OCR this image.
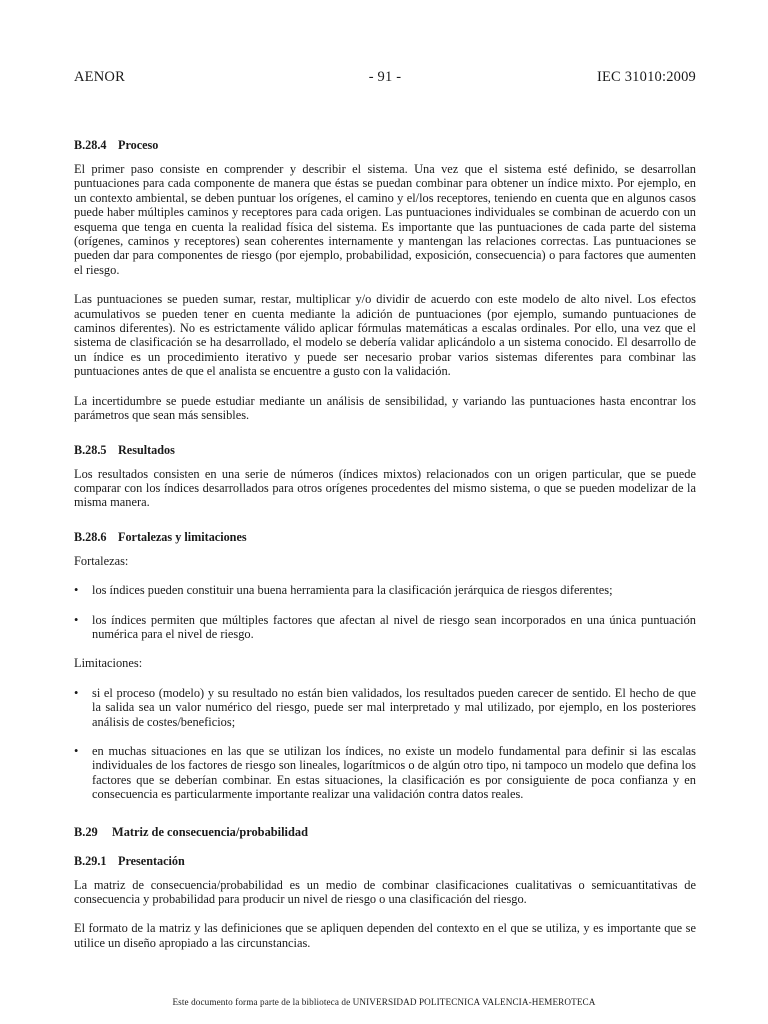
AENOR	- 91 -	IEC 31010:2009
B.28.4 Proceso

El primer paso consiste en comprender y describir el sistema. Una vez que el sistema esté definido, se desarrollan puntuaciones para cada componente de manera que éstas se puedan combinar para obtener un índice mixto. Por ejemplo, en un contexto ambiental, se deben puntuar los orígenes, el camino y el/los receptores, teniendo en cuenta que en algunos casos puede haber múltiples caminos y receptores para cada origen. Las puntuaciones individuales se combinan de acuerdo con un esquema que tenga en cuenta la realidad física del sistema. Es importante que las puntuaciones de cada parte del sistema (orígenes, caminos y receptores) sean coherentes internamente y mantengan las relaciones correctas. Las puntuaciones se pueden dar para componentes de riesgo (por ejemplo, probabilidad, exposición, consecuencia) o para factores que aumenten el riesgo.

Las puntuaciones se pueden sumar, restar, multiplicar y/o dividir de acuerdo con este modelo de alto nivel. Los efectos acumulativos se pueden tener en cuenta mediante la adición de puntuaciones (por ejemplo, sumando puntuaciones de caminos diferentes). No es estrictamente válido aplicar fórmulas matemáticas a escalas ordinales. Por ello, una vez que el sistema de clasificación se ha desarrollado, el modelo se debería validar aplicándolo a un sistema conocido. El desarrollo de un índice es un procedimiento iterativo y puede ser necesario probar varios sistemas diferentes para combinar las puntuaciones antes de que el analista se encuentre a gusto con la validación.

La incertidumbre se puede estudiar mediante un análisis de sensibilidad, y variando las puntuaciones hasta encontrar los parámetros que sean más sensibles.

B.28.5 Resultados

Los resultados consisten en una serie de números (índices mixtos) relacionados con un origen particular, que se puede comparar con los índices desarrollados para otros orígenes procedentes del mismo sistema, o que se pueden modelizar de la misma manera.

B.28.6 Fortalezas y limitaciones

Fortalezas:

• los índices pueden constituir una buena herramienta para la clasificación jerárquica de riesgos diferentes;
• los índices permiten que múltiples factores que afectan al nivel de riesgo sean incorporados en una única puntuación numérica para el nivel de riesgo.

Limitaciones:

• si el proceso (modelo) y su resultado no están bien validados, los resultados pueden carecer de sentido. El hecho de que la salida sea un valor numérico del riesgo, puede ser mal interpretado y mal utilizado, por ejemplo, en los posteriores análisis de costes/beneficios;
• en muchas situaciones en las que se utilizan los índices, no existe un modelo fundamental para definir si las escalas individuales de los factores de riesgo son lineales, logarítmicos o de algún otro tipo, ni tampoco un modelo que defina los factores que se deberían combinar. En estas situaciones, la clasificación es por consiguiente de poca confianza y en consecuencia es particularmente importante realizar una validación contra datos reales.
B.29 Matriz de consecuencia/probabilidad
B.29.1 Presentación

La matriz de consecuencia/probabilidad es un medio de combinar clasificaciones cualitativas o semicuantitativas de consecuencia y probabilidad para producir un nivel de riesgo o una clasificación del riesgo.

El formato de la matriz y las definiciones que se apliquen dependen del contexto en el que se utiliza, y es importante que se utilice un diseño apropiado a las circunstancias.

Este documento forma parte de la biblioteca de UNIVERSIDAD POLITECNICA VALENCIA-HEMEROTECA
